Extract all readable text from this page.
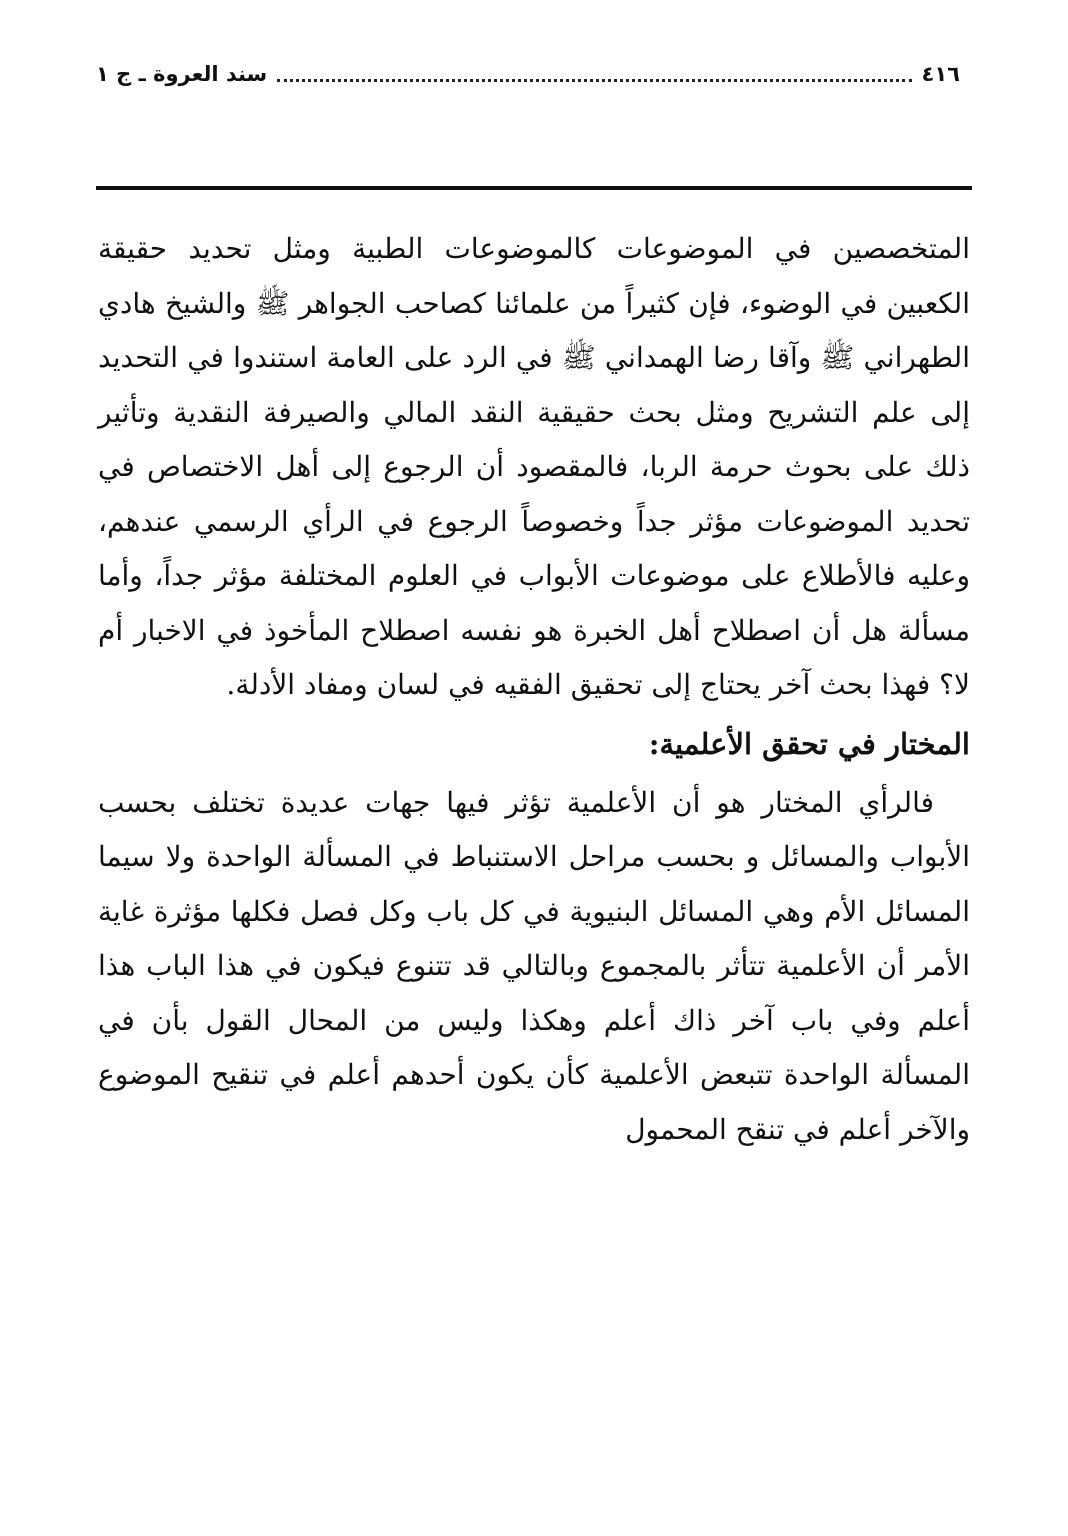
٤١٦
سند العروة ـ ج ١

المتخصصين في الموضوعات كالموضوعات الطبية ومثل تحديد حقيقة الكعبين في الوضوء، فإن كثيراً من علمائنا كصاحب الجواهر ﷺ والشيخ هادي الطهراني ﷺ وآقا رضا الهمداني ﷺ في الرد على العامة استندوا في التحديد إلى علم التشريح ومثل بحث حقيقية النقد المالي والصيرفة النقدية وتأثير ذلك على بحوث حرمة الربا، فالمقصود أن الرجوع إلى أهل الاختصاص في تحديد الموضوعات مؤثر جداً وخصوصاً الرجوع في الرأي الرسمي عندهم، وعليه فالأطلاع على موضوعات الأبواب في العلوم المختلفة مؤثر جداً، وأما مسألة هل أن اصطلاح أهل الخبرة هو نفسه اصطلاح المأخوذ في الاخبار أم لا؟ فهذا بحث آخر يحتاج إلى تحقيق الفقيه في لسان ومفاد الأدلة.

المختار في تحقق الأعلمية:

فالرأي المختار هو أن الأعلمية تؤثر فيها جهات عديدة تختلف بحسب الأبواب والمسائل و بحسب مراحل الاستنباط في المسألة الواحدة ولا سيما المسائل الأم وهي المسائل البنيوية في كل باب وكل فصل فكلها مؤثرة غاية الأمر أن الأعلمية تتأثر بالمجموع وبالتالي قد تتنوع فيكون في هذا الباب هذا أعلم وفي باب آخر ذاك أعلم وهكذا وليس من المحال القول بأن في المسألة الواحدة تتبعض الأعلمية كأن يكون أحدهم أعلم في تنقيح الموضوع والآخر أعلم في تنقح المحمول
